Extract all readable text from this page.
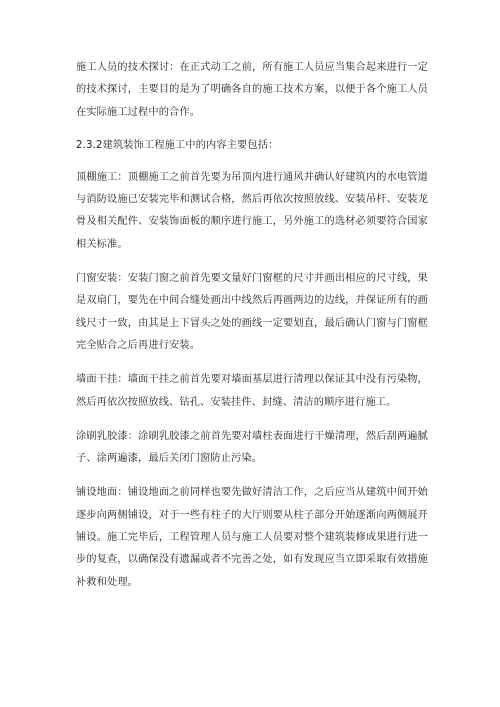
施工人员的技术探讨：在正式动工之前，所有施工人员应当集合起来进行一定的技术探讨，主要目的是为了明确各自的施工技术方案，以便于各个施工人员在实际施工过程中的合作。

2.3.2建筑装饰工程施工中的内容主要包括：

顶棚施工：顶棚施工之前首先要为吊顶内进行通风并确认好建筑内的水电管道与消防设施已安装完毕和测试合格，然后再依次按照放线、安装吊杆、安装龙骨及相关配件、安装饰面板的顺序进行施工，另外施工的选材必须要符合国家相关标准。

门窗安装：安装门窗之前首先要文量好门窗框的尺寸并画出相应的尺寸线，果是双扇门，要先在中间合缝处画出中线然后再画两边的边线，并保证所有的画线尺寸一致，由其是上下冒头之处的画线一定要划直，最后确认门窗与门窗框完全贴合之后再进行安装。

墙面干挂：墙面干挂之前首先要对墙面基层进行清理以保证其中没有污染物，然后再依次按照放线、钻孔、安装挂件、封缝、清洁的顺序进行施工。

涂刷乳胶漆：涂刷乳胶漆之前首先要对墙柱表面进行干燥清理，然后刮两遍腻子、涂两遍漆，最后关闭门窗防止污染。

铺设地面：铺设地面之前同样也要先做好清洁工作，之后应当从建筑中间开始逐步向两侧铺设，对于一些有柱子的大厅则要从柱子部分开始逐渐向两侧展开铺设。施工完毕后，工程管理人员与施工人员要对整个建筑装修成果进行进一步的复查，以确保没有遗漏或者不完善之处，如有发现应当立即采取有效措施补救和处理。
